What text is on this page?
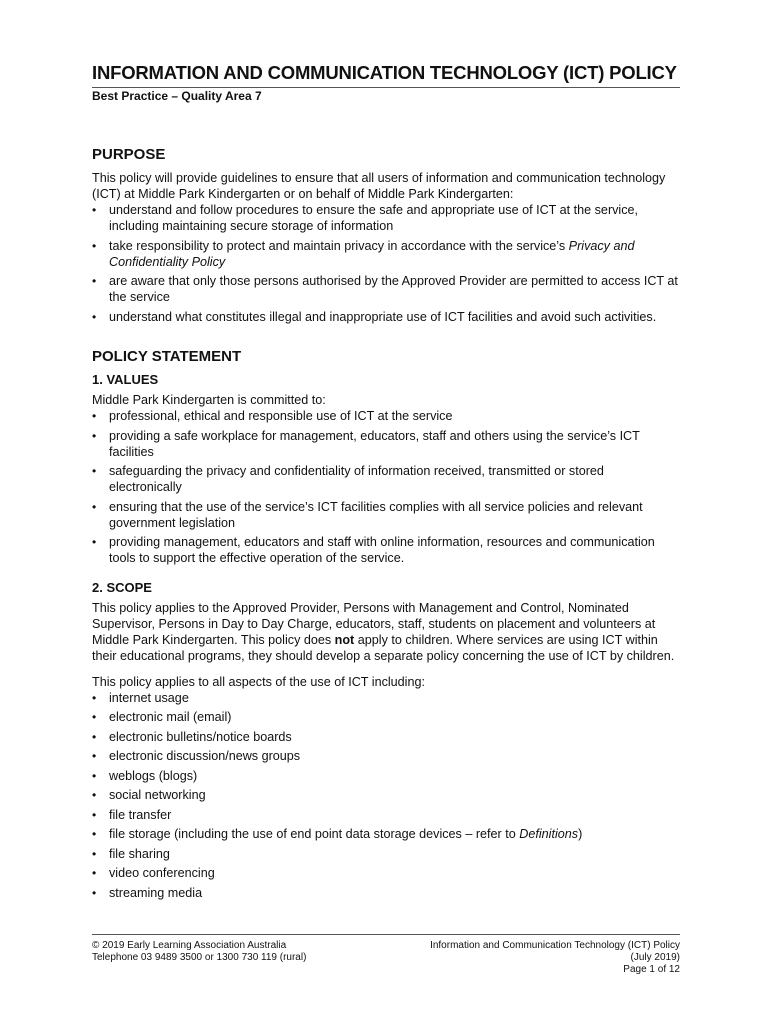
INFORMATION AND COMMUNICATION TECHNOLOGY (ICT) POLICY
Best Practice – Quality Area 7
PURPOSE

This policy will provide guidelines to ensure that all users of information and communication technology (ICT) at Middle Park Kindergarten or on behalf of Middle Park Kindergarten:

• understand and follow procedures to ensure the safe and appropriate use of ICT at the service, including maintaining secure storage of information
• take responsibility to protect and maintain privacy in accordance with the service’s Privacy and Confidentiality Policy
• are aware that only those persons authorised by the Approved Provider are permitted to access ICT at the service
• understand what constitutes illegal and inappropriate use of ICT facilities and avoid such activities.
POLICY STATEMENT
1. VALUES

Middle Park Kindergarten is committed to:

• professional, ethical and responsible use of ICT at the service
• providing a safe workplace for management, educators, staff and others using the service’s ICT facilities
• safeguarding the privacy and confidentiality of information received, transmitted or stored electronically
• ensuring that the use of the service’s ICT facilities complies with all service policies and relevant government legislation
• providing management, educators and staff with online information, resources and communication tools to support the effective operation of the service.
2. SCOPE

This policy applies to the Approved Provider, Persons with Management and Control, Nominated Supervisor, Persons in Day to Day Charge, educators, staff, students on placement and volunteers at Middle Park Kindergarten. This policy does not apply to children. Where services are using ICT within their educational programs, they should develop a separate policy concerning the use of ICT by children.

This policy applies to all aspects of the use of ICT including:

• internet usage
• electronic mail (email)
• electronic bulletins/notice boards
• electronic discussion/news groups
• weblogs (blogs)
• social networking
• file transfer
• file storage (including the use of end point data storage devices – refer to Definitions)
• file sharing
• video conferencing
• streaming media
© 2019 Early Learning Association Australia
Telephone 03 9489 3500 or 1300 730 119 (rural)
Information and Communication Technology (ICT) Policy
(July 2019)
Page 1 of 12
